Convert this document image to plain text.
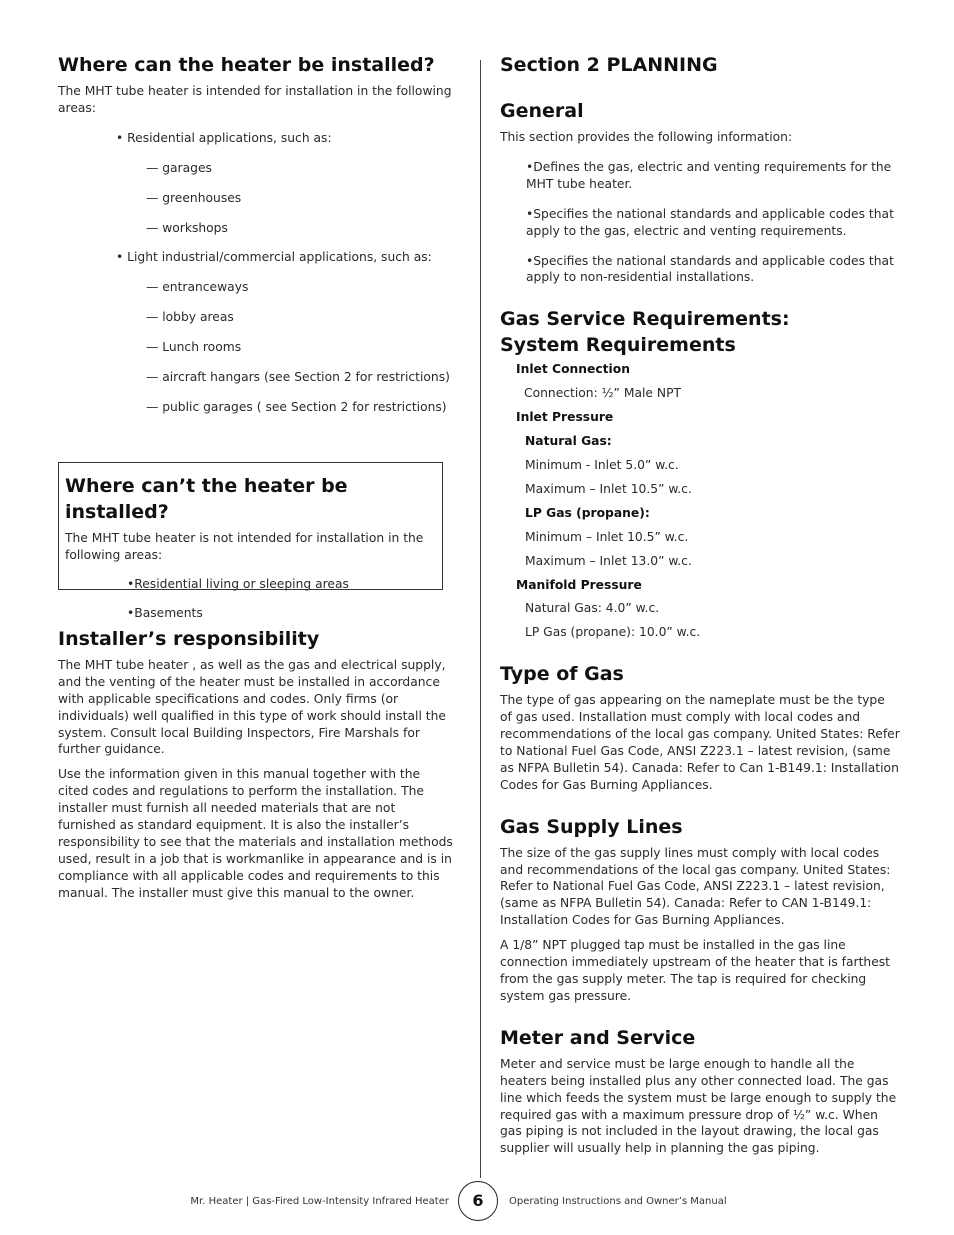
Where can the heater be installed?

The MHT tube heater is intended for installation in the following areas:

• Residential applications, such as:
— garages
— greenhouses
— workshops
• Light industrial/commercial applications, such as:
— entranceways
— lobby areas
— Lunch rooms
— aircraft hangars (see Section 2 for restrictions)
— public garages ( see Section 2 for restrictions)
Where can’t the heater be installed?

The MHT tube heater is not intended for installation in the following areas:

•Residential living or sleeping areas
•Basements
Installer’s responsibility

The MHT tube heater , as well as the gas and electrical supply, and the venting of the heater must be installed in accordance with applicable specifications and codes. Only firms (or individuals) well qualified in this type of work should install the system. Consult local Building Inspectors, Fire Marshals for further guidance.

Use the information given in this manual together with the cited codes and regulations to perform the installation. The installer must furnish all needed materials that are not furnished as standard equipment. It is also the installer’s responsibility to see that the materials and installation methods used, result in a job that is workmanlike in appearance and is in compliance with all applicable codes and requirements to this manual. The installer must give this manual to the owner.

Section 2 PLANNING
General

This section provides the following information:

•Defines the gas, electric and venting requirements for the MHT tube heater.
•Specifies the national standards and applicable codes that apply to the gas, electric and venting requirements.
•Specifies the national standards and applicable codes that apply to non-residential installations.
Gas Service Requirements:
System Requirements
Inlet Connection
Connection: ½” Male NPT
Inlet Pressure
Natural Gas:
Minimum - Inlet 5.0” w.c.
Maximum – Inlet 10.5” w.c.
LP Gas (propane):
Minimum – Inlet 10.5” w.c.
Maximum – Inlet 13.0” w.c.
Manifold Pressure
Natural Gas: 4.0” w.c.
LP Gas (propane): 10.0” w.c.
Type of Gas

The type of gas appearing on the nameplate must be the type of gas used. Installation must comply with local codes and recommendations of the local gas company. United States: Refer to National Fuel Gas Code, ANSI Z223.1 – latest revision, (same as NFPA Bulletin 54). Canada: Refer to Can 1-B149.1: Installation Codes for Gas Burning Appliances.

Gas Supply Lines

The size of the gas supply lines must comply with local codes and recommendations of the local gas company. United States: Refer to National Fuel Gas Code, ANSI Z223.1 – latest revision, (same as NFPA Bulletin 54). Canada: Refer to CAN 1-B149.1: Installation Codes for Gas Burning Appliances.

A 1/8” NPT plugged tap must be installed in the gas line connection immediately upstream of the heater that is farthest from the gas supply meter. The tap is required for checking system gas pressure.

Meter and Service

Meter and service must be large enough to handle all the heaters being installed plus any other connected load. The gas line which feeds the system must be large enough to supply the required gas with a maximum pressure drop of ½” w.c. When gas piping is not included in the layout drawing, the local gas supplier will usually help in planning the gas piping.

Mr. Heater | Gas-Fired Low-Intensity Infrared Heater	6	Operating Instructions and Owner’s Manual
